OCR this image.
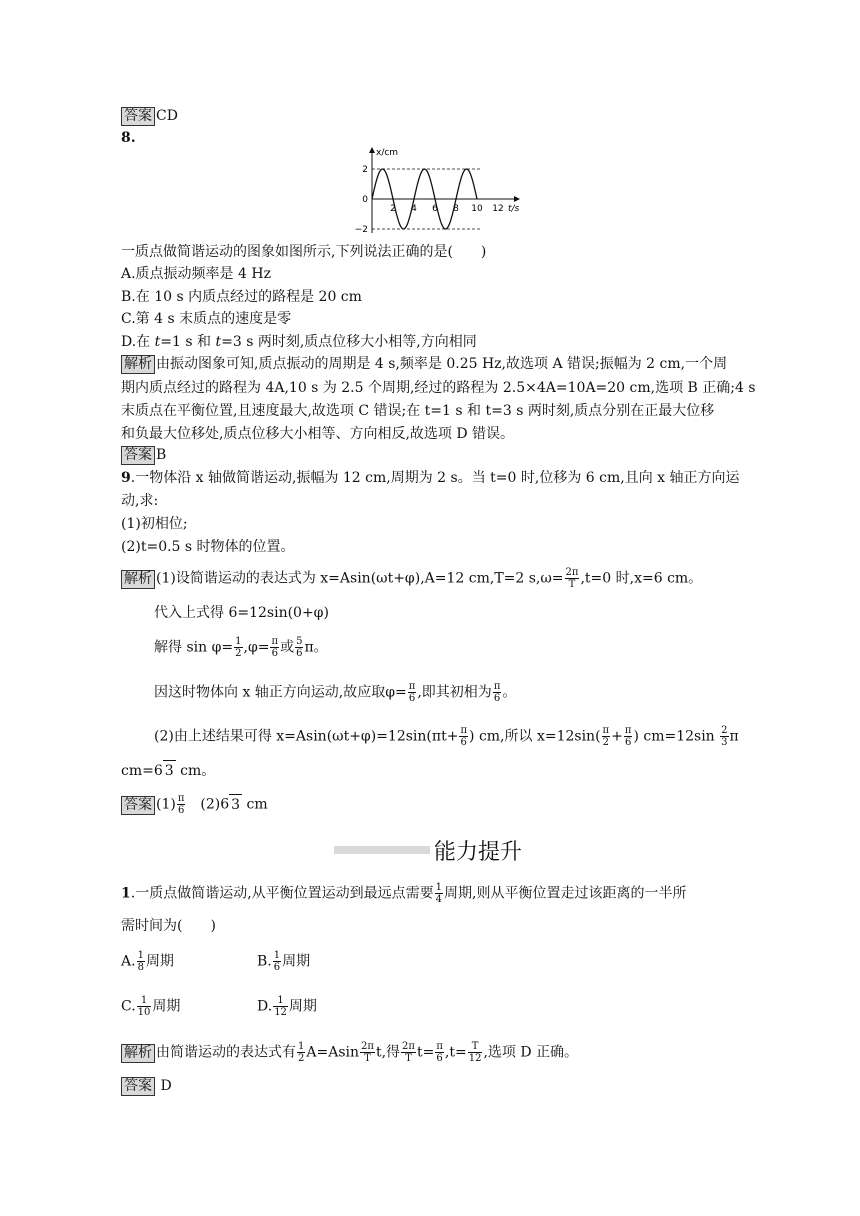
答案 CD
8.
2 4 6 8 10 12
2
0
−2
x/cm
t/s
一质点做简谐运动的图象如图所示,下列说法正确的是(　　)
A.质点振动频率是 4 Hz
B.在 10 s 内质点经过的路程是 20 cm
C.第 4 s 末质点的速度是零
D.在 t=1 s 和 t=3 s 两时刻,质点位移大小相等,方向相同
解析 由振动图象可知,质点振动的周期是 4 s,频率是 0.25 Hz,故选项 A 错误;振幅为 2 cm,一个周
期内质点经过的路程为 4A,10 s 为 2.5 个周期,经过的路程为 2.5×4A=10A=20 cm,选项 B 正确;4 s
末质点在平衡位置,且速度最大,故选项 C 错误;在 t=1 s 和 t=3 s 两时刻,质点分别在正最大位移
和负最大位移处,质点位移大小相等、方向相反,故选项 D 错误。
答案 B
9.一物体沿 x 轴做简谐运动,振幅为 12 cm,周期为 2 s。当 t=0 时,位移为 6 cm,且向 x 轴正方向运
动,求:
(1)初相位;
(2)t=0.5 s 时物体的位置。
解析 (1)设简谐运动的表达式为 x=Asin(ωt+φ),A=12 cm,T=2 $s,\omega= \frac{2\pi}{T} ,t=0$ 时,x=6 cm。
代入上式得 6=12sin(0+φ)
解得 $\sin \varphi= \frac{1}{2} ,\varphi= \frac{\pi}{6}$ 或 $\frac{5}{6}$ π。
因这时物体向 x 轴正方向运动,故应取$\varphi= \frac{\pi}{6}$ ,即其初相为 $\frac{\pi}{6}$ 。
(2)由上述结果可得 $x=Asin(\omega t+\varphi)=12\sin(\pi t+ \frac{\pi}{6}$ ) cm,所以 $x=12\sin( \frac{\pi}{2} + \frac{\pi}{6}$ ) $cm=12\sin \frac{2}{3}$ π
cm=6 3 cm。
答案 $(1) \frac{\pi}{6}$ 　(2)6 3 cm
能力提升
1.一质点做简谐运动,从平衡位置运动到最远点需要 $\frac{1}{4}$ 周期,则从平衡位置走过该距离的一半所
需时间为(　　)
A. $\frac{1}{8}$ 周期	B. $\frac{1}{6}$ 周期
C. $\frac{1}{10}$ 周期	D. $\frac{1}{12}$ 周期
解析 由简谐运动的表达式有 $\frac{1}{2} A=Asin \frac{2\pi}{T} t$,得 $\frac{2\pi}{T} t= \frac{\pi}{6} ,t= \frac{T}{12}$ ,选项 D 正确。
答案 D
